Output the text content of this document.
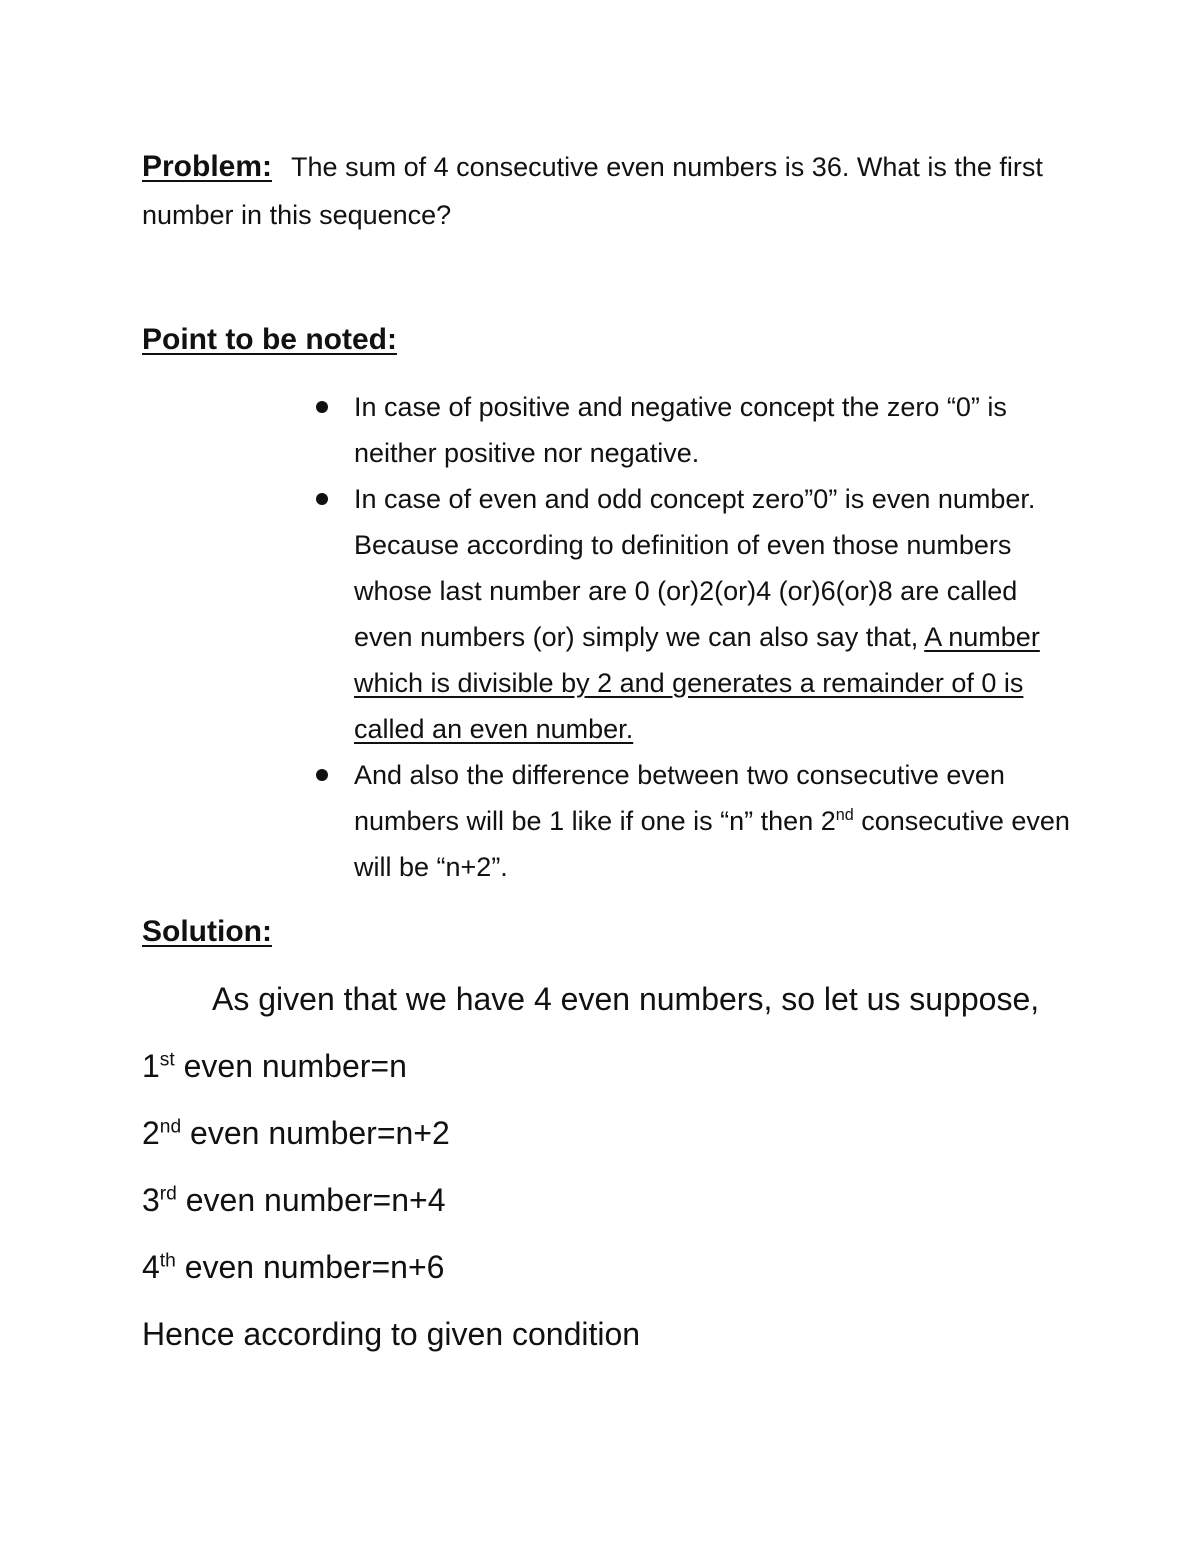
Problem: The sum of 4 consecutive even numbers is 36. What is the first number in this sequence?
Point to be noted:
In case of positive and negative concept the zero “0” is neither positive nor negative.
In case of even and odd concept zero”0” is even number. Because according to definition of even those numbers whose last number are 0 (or)2(or)4 (or)6(or)8 are called even numbers (or) simply we can also say that, A number which is divisible by 2 and generates a remainder of 0 is called an even number.
And also the difference between two consecutive even numbers will be 1 like if one is “n” then 2nd consecutive even will be “n+2”.
Solution:
As given that we have 4 even numbers, so let us suppose,
1st even number=n
2nd even number=n+2
3rd even number=n+4
4th even number=n+6
Hence according to given condition
